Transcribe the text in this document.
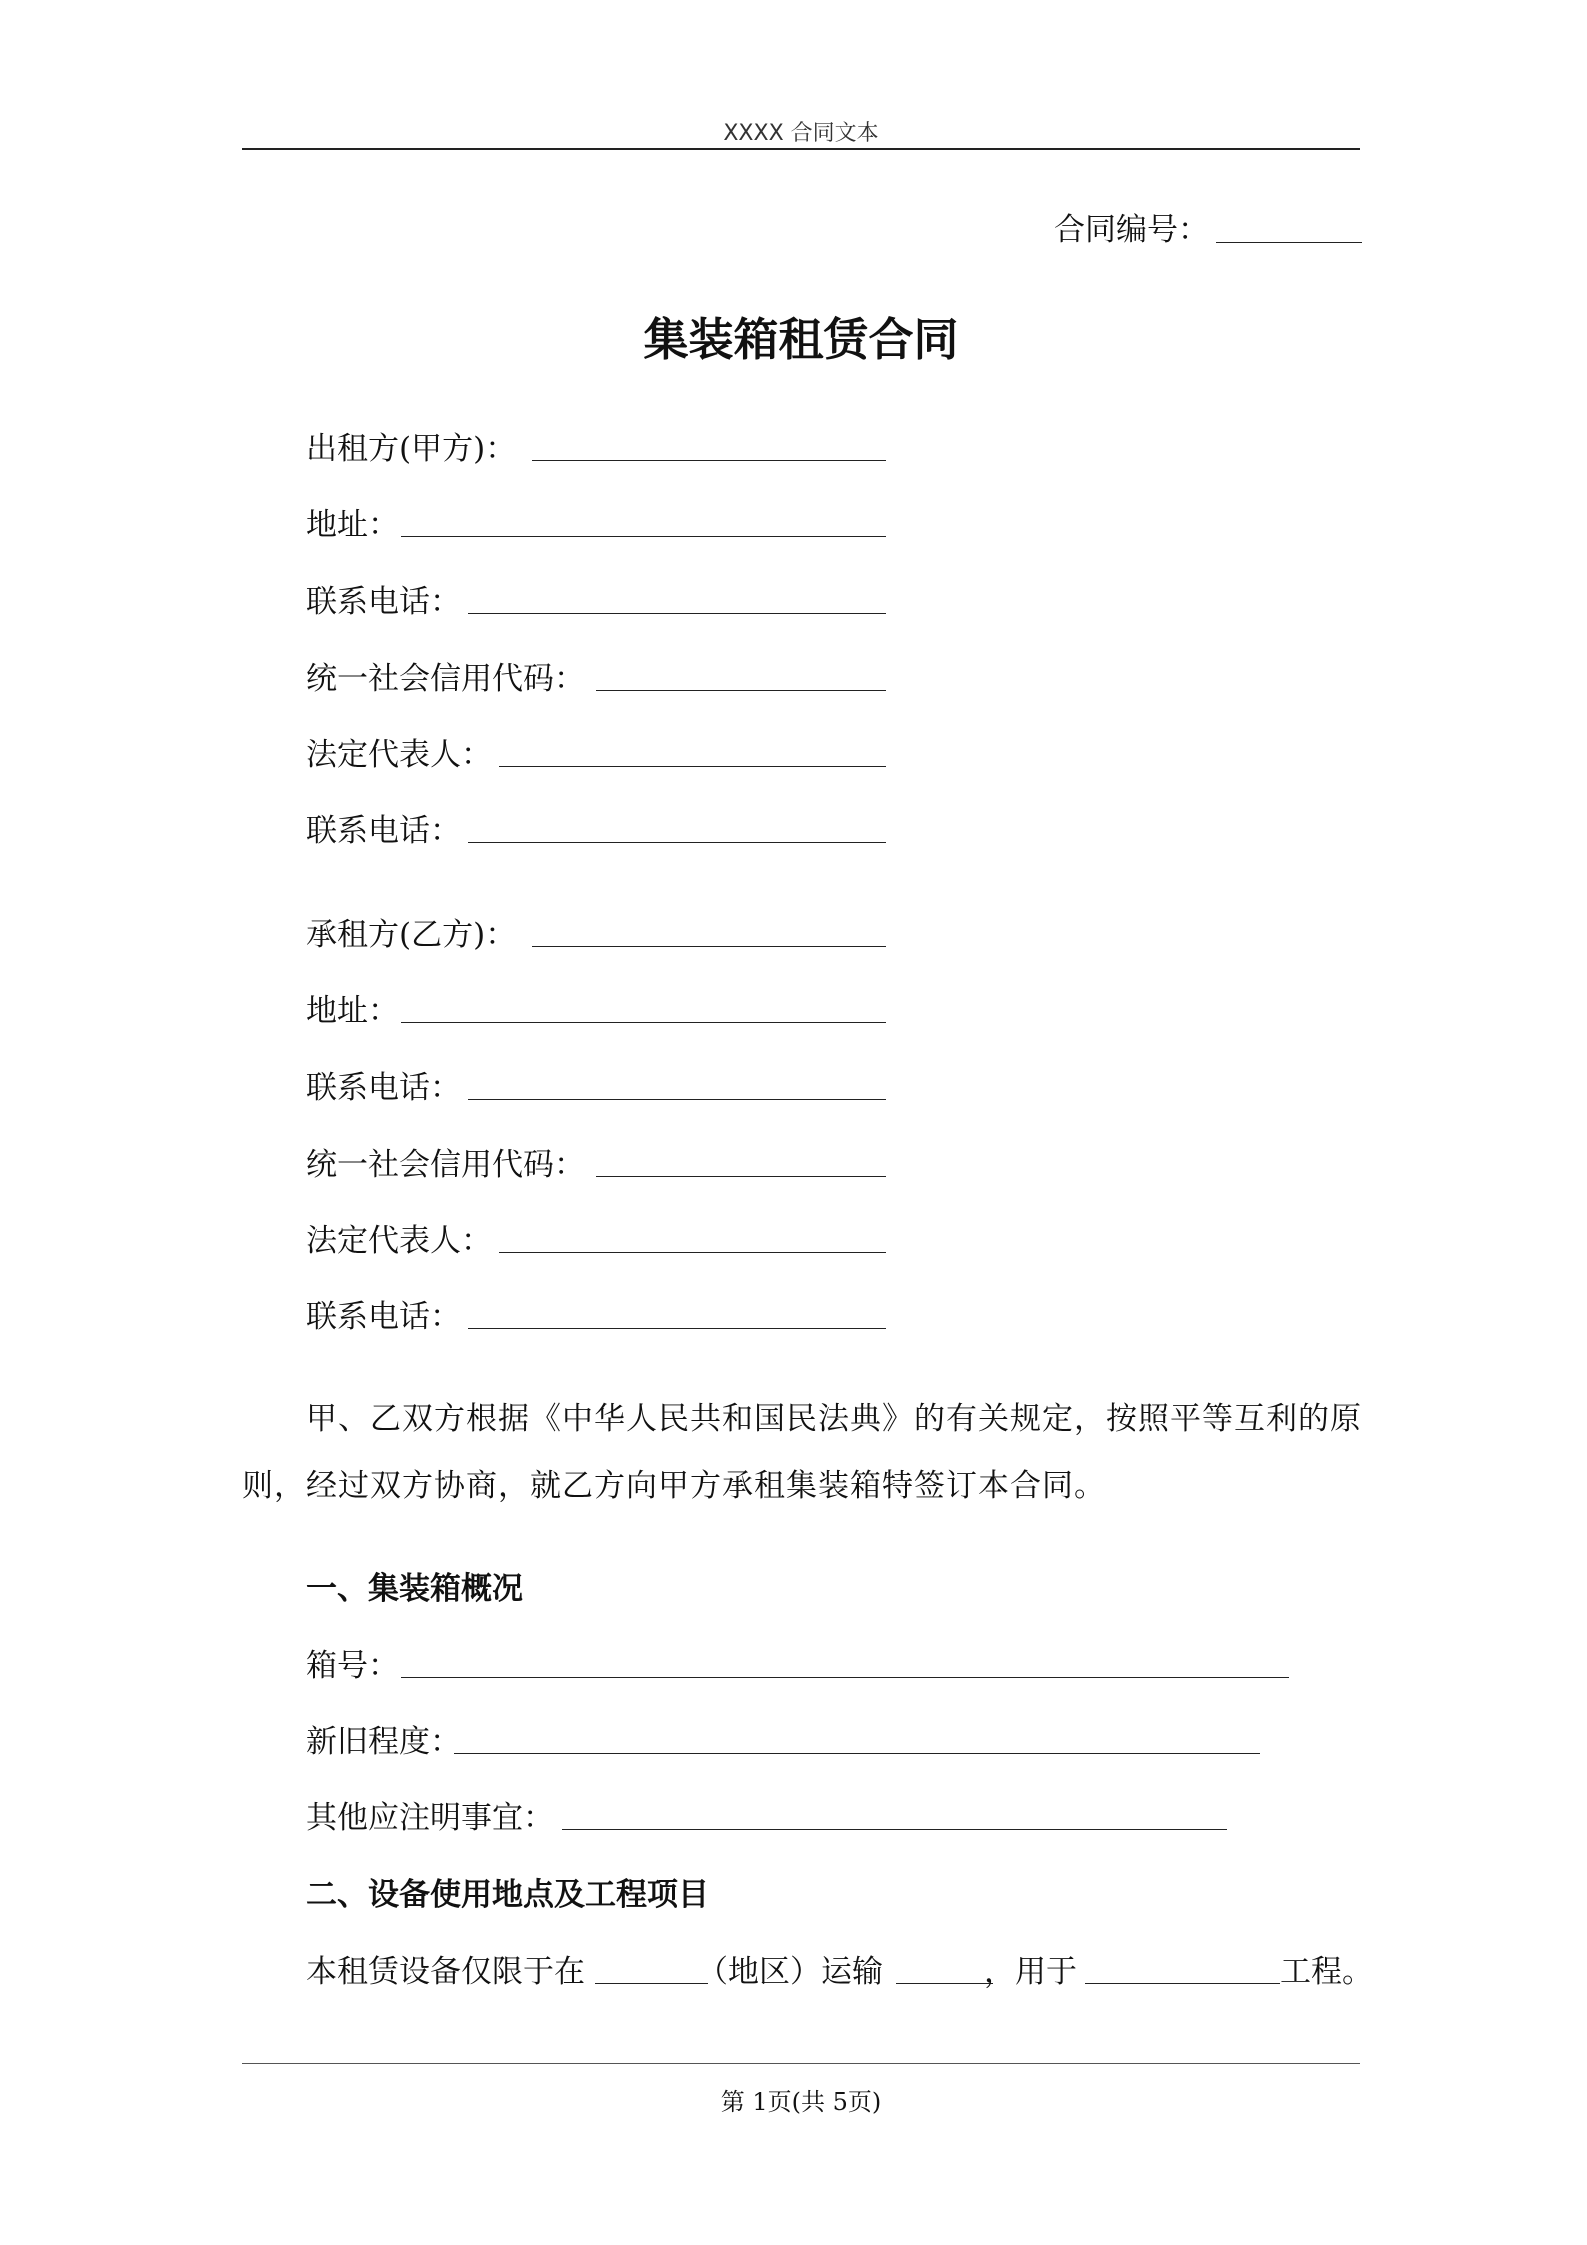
XXXX 合同文本
合同编号：
集装箱租赁合同
出租方(甲方)：
地址：
联系电话：
统一社会信用代码：
法定代表人：
联系电话：
承租方(乙方)：
地址：
联系电话：
统一社会信用代码：
法定代表人：
联系电话：
甲、乙双方根据《中华人民共和国民法典》的有关规定，按照平等互利的原
则，经过双方协商，就乙方向甲方承租集装箱特签订本合同。
一、集装箱概况
箱号：
新旧程度：
其他应注明事宜：
二、设备使用地点及工程项目
本租赁设备仅限于在	（地区）运输	，用于	工程。
第 1页(共 5页)
